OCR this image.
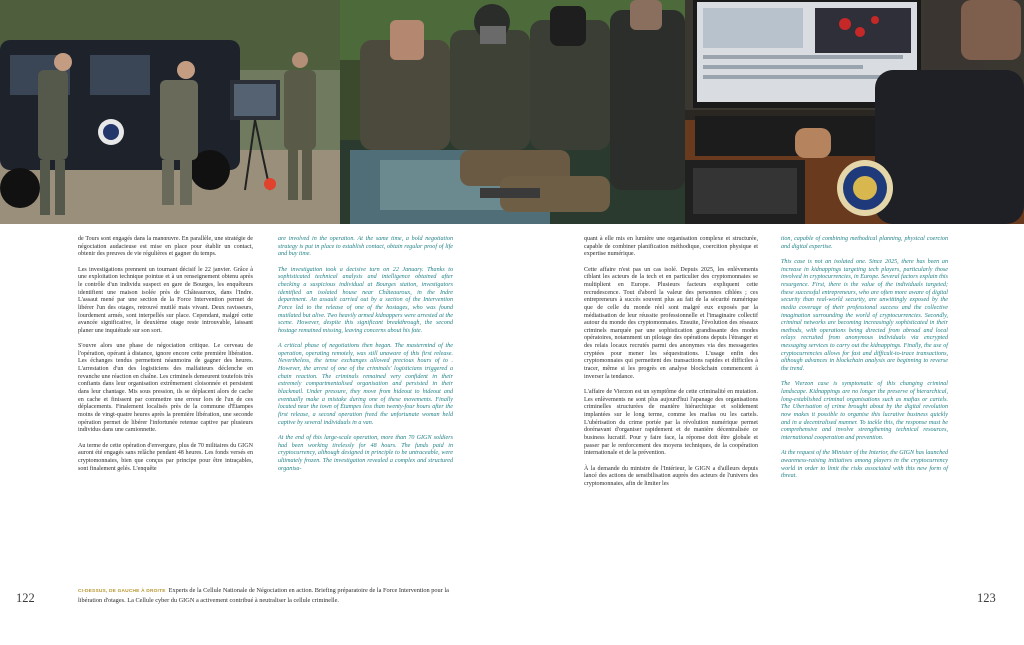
de Tours sont engagés dans la manœuvre. En parallèle, une stratégie de négociation audacieuse est mise en place pour établir un contact, obtenir des preuves de vie régulières et gagner du temps.

Les investigations prennent un tournant décisif le 22 janvier. Grâce à une exploitation technique pointue et à un renseignement obtenu après le contrôle d'un individu suspect en gare de Bourges, les enquêteurs identifient une maison isolée près de Châteauroux, dans l'Indre. L'assaut mené par une section de la Force Intervention permet de libérer l'un des otages, retrouvé mutilé mais vivant. Deux ravisseurs, lourdement armés, sont interpellés sur place. Cependant, malgré cette avancée significative, le deuxième otage reste introuvable, laissant planer une inquiétude sur son sort.

S'ouvre alors une phase de négociation critique. Le cerveau de l'opération, opérant à distance, ignore encore cette première libération. Les échanges tendus permettent néanmoins de gagner des heures. L'arrestation d'un des logisticiens des malfaiteurs déclenche en revanche une réaction en chaîne. Les criminels demeurent toutefois très confiants dans leur organisation extrêmement cloisonnée et persistent dans leur chantage. Mis sous pression, ils se déplacent alors de cache en cache et finissent par commettre une erreur lors de l'un de ces déplacements. Finalement localisés près de la commune d'Étampes moins de vingt-quatre heures après la première libération, une seconde opération permet de libérer l'infortunée retenue captive par plusieurs individus dans une camionnette.

Au terme de cette opération d'envergure, plus de 70 militaires du GIGN auront été engagés sans relâche pendant 48 heures. Les fonds versés en cryptomonnaies, bien que conçus par principe pour être intraçables, sont finalement gelés. L'enquête

are involved in the operation. At the same time, a bold negotiation strategy is put in place to establish contact, obtain regular proof of life and buy time.

The investigation took a decisive turn on 22 January. Thanks to sophisticated technical analysis and intelligence obtained after checking a suspicious individual at Bourges station, investigators identified an isolated house near Châteauroux, in the Indre department. An assault carried out by a section of the Intervention Force led to the release of one of the hostages, who was found mutilated but alive. Two heavily armed kidnappers were arrested at the scene. However, despite this significant breakthrough, the second hostage remained missing, leaving concerns about his fate.

A critical phase of negotiations then began. The mastermind of the operation, operating remotely, was still unaware of this first release. Nevertheless, the tense exchanges allowed precious hours of to . However, the arrest of one of the criminals' logisticians triggered a chain reaction. The criminals remained very confident in their extremely compartmentalised organisation and persisted in their blackmail. Under pressure, they move from hideout to hideout and eventually make a mistake during one of these movements. Finally located near the town of Étampes less than twenty-four hours after the first release, a second operation freed the unfortunate woman held captive by several individuals in a van.

At the end of this large-scale operation, more than 70 GIGN soldiers had been working tirelessly for 48 hours. The funds paid in cryptocurrency, although designed in principle to be untraceable, were ultimately frozen. The investigation revealed a complex and structured organisa-

quant à elle mis en lumière une organisation complexe et structurée, capable de combiner planification méthodique, coercition physique et expertise numérique.

Cette affaire n'est pas un cas isolé. Depuis 2025, les enlèvements ciblant les acteurs de la tech et en particulier des cryptomonnaies se multiplient en Europe. Plusieurs facteurs expliquent cette recrudescence. Tout d'abord la valeur des personnes ciblées ; ces entrepreneurs à succès souvent plus au fait de la sécurité numérique que de celle du monde réel sont malgré eux exposés par la médiatisation de leur réussite professionnelle et l'imaginaire collectif autour du monde des cryptomonnaies. Ensuite, l'évolution des réseaux criminels marquée par une sophistication grandissante des modes opératoires, notamment un pilotage des opérations depuis l'étranger et des relais locaux recrutés parmi des anonymes via des messageries cryptées pour mener les séquestrations. L'usage enfin des cryptomonnaies qui permettent des transactions rapides et difficiles à tracer, même si les progrès en analyse blockchain commencent à inverser la tendance.

L'affaire de Vierzon est un symptôme de cette criminalité en mutation. Les enlèvements ne sont plus aujourd'hui l'apanage des organisations criminelles structurées de manière hiérarchique et solidement implantées sur le long terme, comme les mafias ou les cartels. L'ubérisation du crime portée par la révolution numérique permet dorénavant d'organiser rapidement et de manière décentralisée ce business lucratif. Pour y faire face, la réponse doit être globale et passer par le renforcement des moyens techniques, de la coopération internationale et de la prévention.

À la demande du ministre de l'Intérieur, le GIGN a d'ailleurs depuis lancé des actions de sensibilisation auprès des acteurs de l'univers des cryptomonnaies, afin de limiter les

tion, capable of combining methodical planning, physical coercion and digital expertise.

This case is not an isolated one. Since 2025, there has been an increase in kidnappings targeting tech players, particularly those involved in cryptocurrencies, in Europe. Several factors explain this resurgence. First, there is the value of the individuals targeted; these successful entrepreneurs, who are often more aware of digital security than real-world security, are unwittingly exposed by the media coverage of their professional success and the collective imagination surrounding the world of cryptocurrencies. Secondly, criminal networks are becoming increasingly sophisticated in their methods, with operations being directed from abroad and local relays recruited from anonymous individuals via encrypted messaging services to carry out the kidnappings. Finally, the use of cryptocurrencies allows for fast and difficult-to-trace transactions, although advances in blockchain analysis are beginning to reverse the trend.

The Vierzon case is symptomatic of this changing criminal landscape. Kidnappings are no longer the preserve of hierarchical, long-established criminal organisations such as mafias or cartels. The Uberisation of crime brought about by the digital revolution now makes it possible to organise this lucrative business quickly and in a decentralised manner. To tackle this, the response must be comprehensive and involve strengthening technical resources, international cooperation and prevention.

At the request of the Minister of the Interior, the GIGN has launched awareness-raising initiatives among players in the cryptocurrency world in order to limit the risks associated with this new form of threat.

CI-DESSUS, DE GAUCHE À DROITE Experts de la Cellule Nationale de Négociation en action. Briefing préparatoire de la Force Intervention pour la libération d'otages. La Cellule cyber du GIGN a activement contribué à neutraliser la cellule criminelle.
122	123
